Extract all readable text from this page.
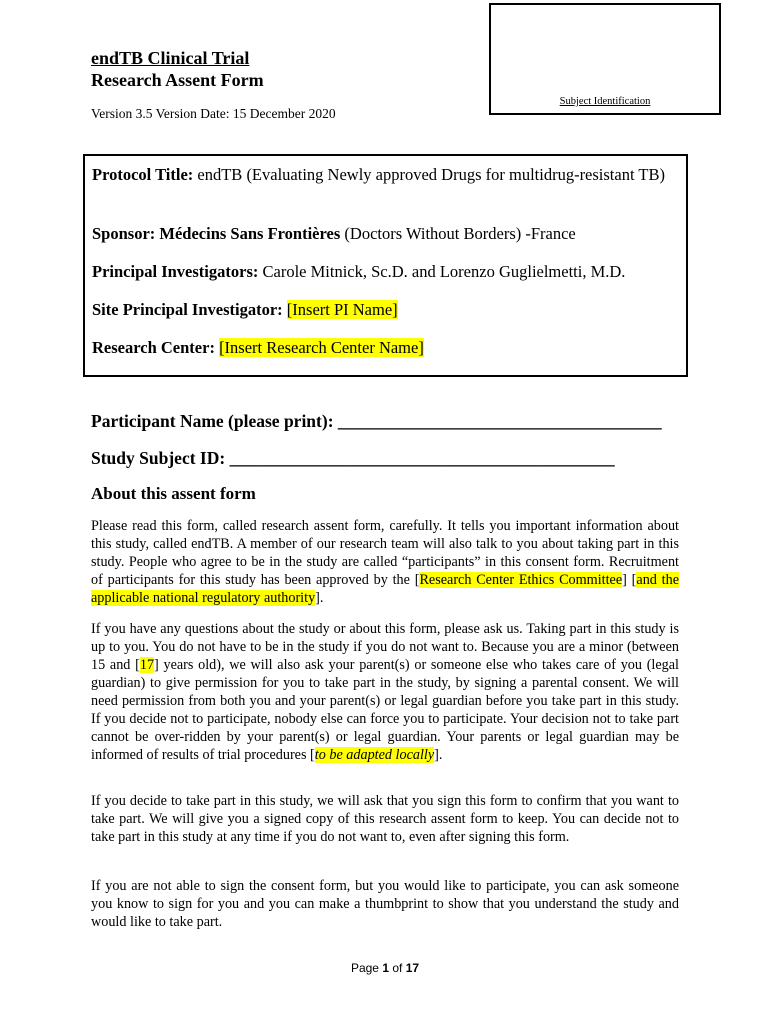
Subject Identification
endTB Clinical Trial
Research Assent Form
Version 3.5 Version Date: 15 December 2020
Protocol Title: endTB (Evaluating Newly approved Drugs for multidrug-resistant TB)
Sponsor: Médecins Sans Frontières (Doctors Without Borders) -France
Principal Investigators: Carole Mitnick, Sc.D. and Lorenzo Guglielmetti, M.D.
Site Principal Investigator: [Insert PI Name]
Research Center: [Insert Research Center Name]
Participant Name (please print): _____________________________________
Study Subject ID: ____________________________________________
About this assent form
Please read this form, called research assent form, carefully. It tells you important information about this study, called endTB. A member of our research team will also talk to you about taking part in this study. People who agree to be in the study are called “participants” in this consent form. Recruitment of participants for this study has been approved by the [Research Center Ethics Committee] [and the applicable national regulatory authority].
If you have any questions about the study or about this form, please ask us. Taking part in this study is up to you. You do not have to be in the study if you do not want to. Because you are a minor (between 15 and [17] years old), we will also ask your parent(s) or someone else who takes care of you (legal guardian) to give permission for you to take part in the study, by signing a parental consent. We will need permission from both you and your parent(s) or legal guardian before you take part in this study. If you decide not to participate, nobody else can force you to participate. Your decision not to take part cannot be over-ridden by your parent(s) or legal guardian. Your parents or legal guardian may be informed of results of trial procedures [to be adapted locally].
If you decide to take part in this study, we will ask that you sign this form to confirm that you want to take part. We will give you a signed copy of this research assent form to keep. You can decide not to take part in this study at any time if you do not want to, even after signing this form.
If you are not able to sign the consent form, but you would like to participate, you can ask someone you know to sign for you and you can make a thumbprint to show that you understand the study and would like to take part.
Page 1 of 17
